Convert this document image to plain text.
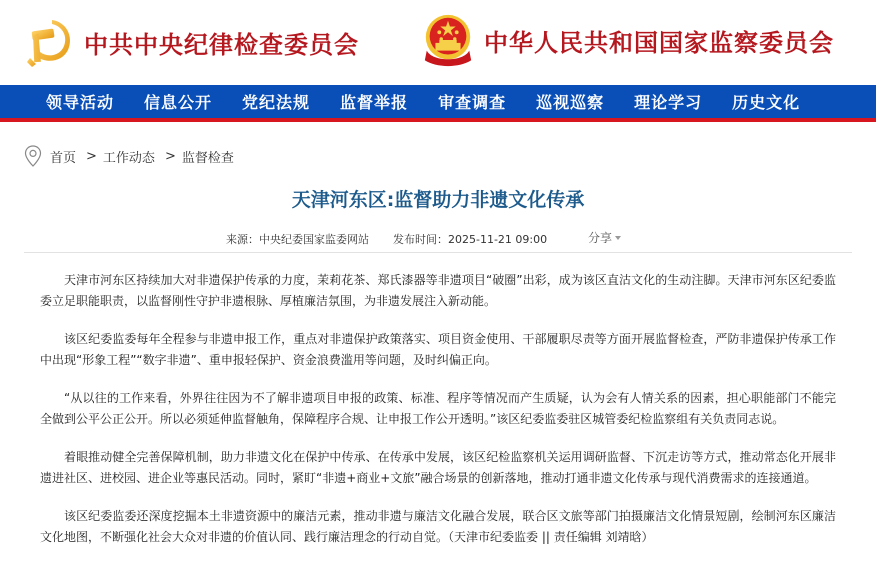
中共中央纪律检查委员会	中华人民共和国国家监察委员会
领导活动 信息公开 党纪法规 监督举报 审查调查 巡视巡察 理论学习 历史文化
首页 > 工作动态 > 监督检查
天津河东区:监督助力非遗文化传承
来源：中央纪委国家监委网站 发布时间： 2025-11-21 09:00	分享

天津市河东区持续加大对非遗保护传承的力度，茉莉花茶、郑氏漆器等非遗项目“破圈”出彩，成为该区直沽文化的生动注脚。天津市河东区纪委监委立足职能职责，以监督刚性守护非遗根脉、厚植廉洁氛围，为非遗发展注入新动能。

该区纪委监委每年全程参与非遗申报工作，重点对非遗保护政策落实、项目资金使用、干部履职尽责等方面开展监督检查，严防非遗保护传承工作中出现“形象工程”“数字非遗”、重申报轻保护、资金浪费滥用等问题，及时纠偏正向。

“从以往的工作来看，外界往往因为不了解非遗项目申报的政策、标准、程序等情况而产生质疑，认为会有人情关系的因素，担心职能部门不能完全做到公平公正公开。所以必须延伸监督触角，保障程序合规、让申报工作公开透明。”该区纪委监委驻区城管委纪检监察组有关负责同志说。

着眼推动健全完善保障机制，助力非遗文化在保护中传承、在传承中发展，该区纪检监察机关运用调研监督、下沉走访等方式，推动常态化开展非遗进社区、进校园、进企业等惠民活动。同时，紧盯“非遗+商业+文旅”融合场景的创新落地，推动打通非遗文化传承与现代消费需求的连接通道。

该区纪委监委还深度挖掘本土非遗资源中的廉洁元素，推动非遗与廉洁文化融合发展，联合区文旅等部门拍摄廉洁文化情景短剧，绘制河东区廉洁文化地图，不断强化社会大众对非遗的价值认同、践行廉洁理念的行动自觉。（天津市纪委监委 || 责任编辑 刘靖晗）
